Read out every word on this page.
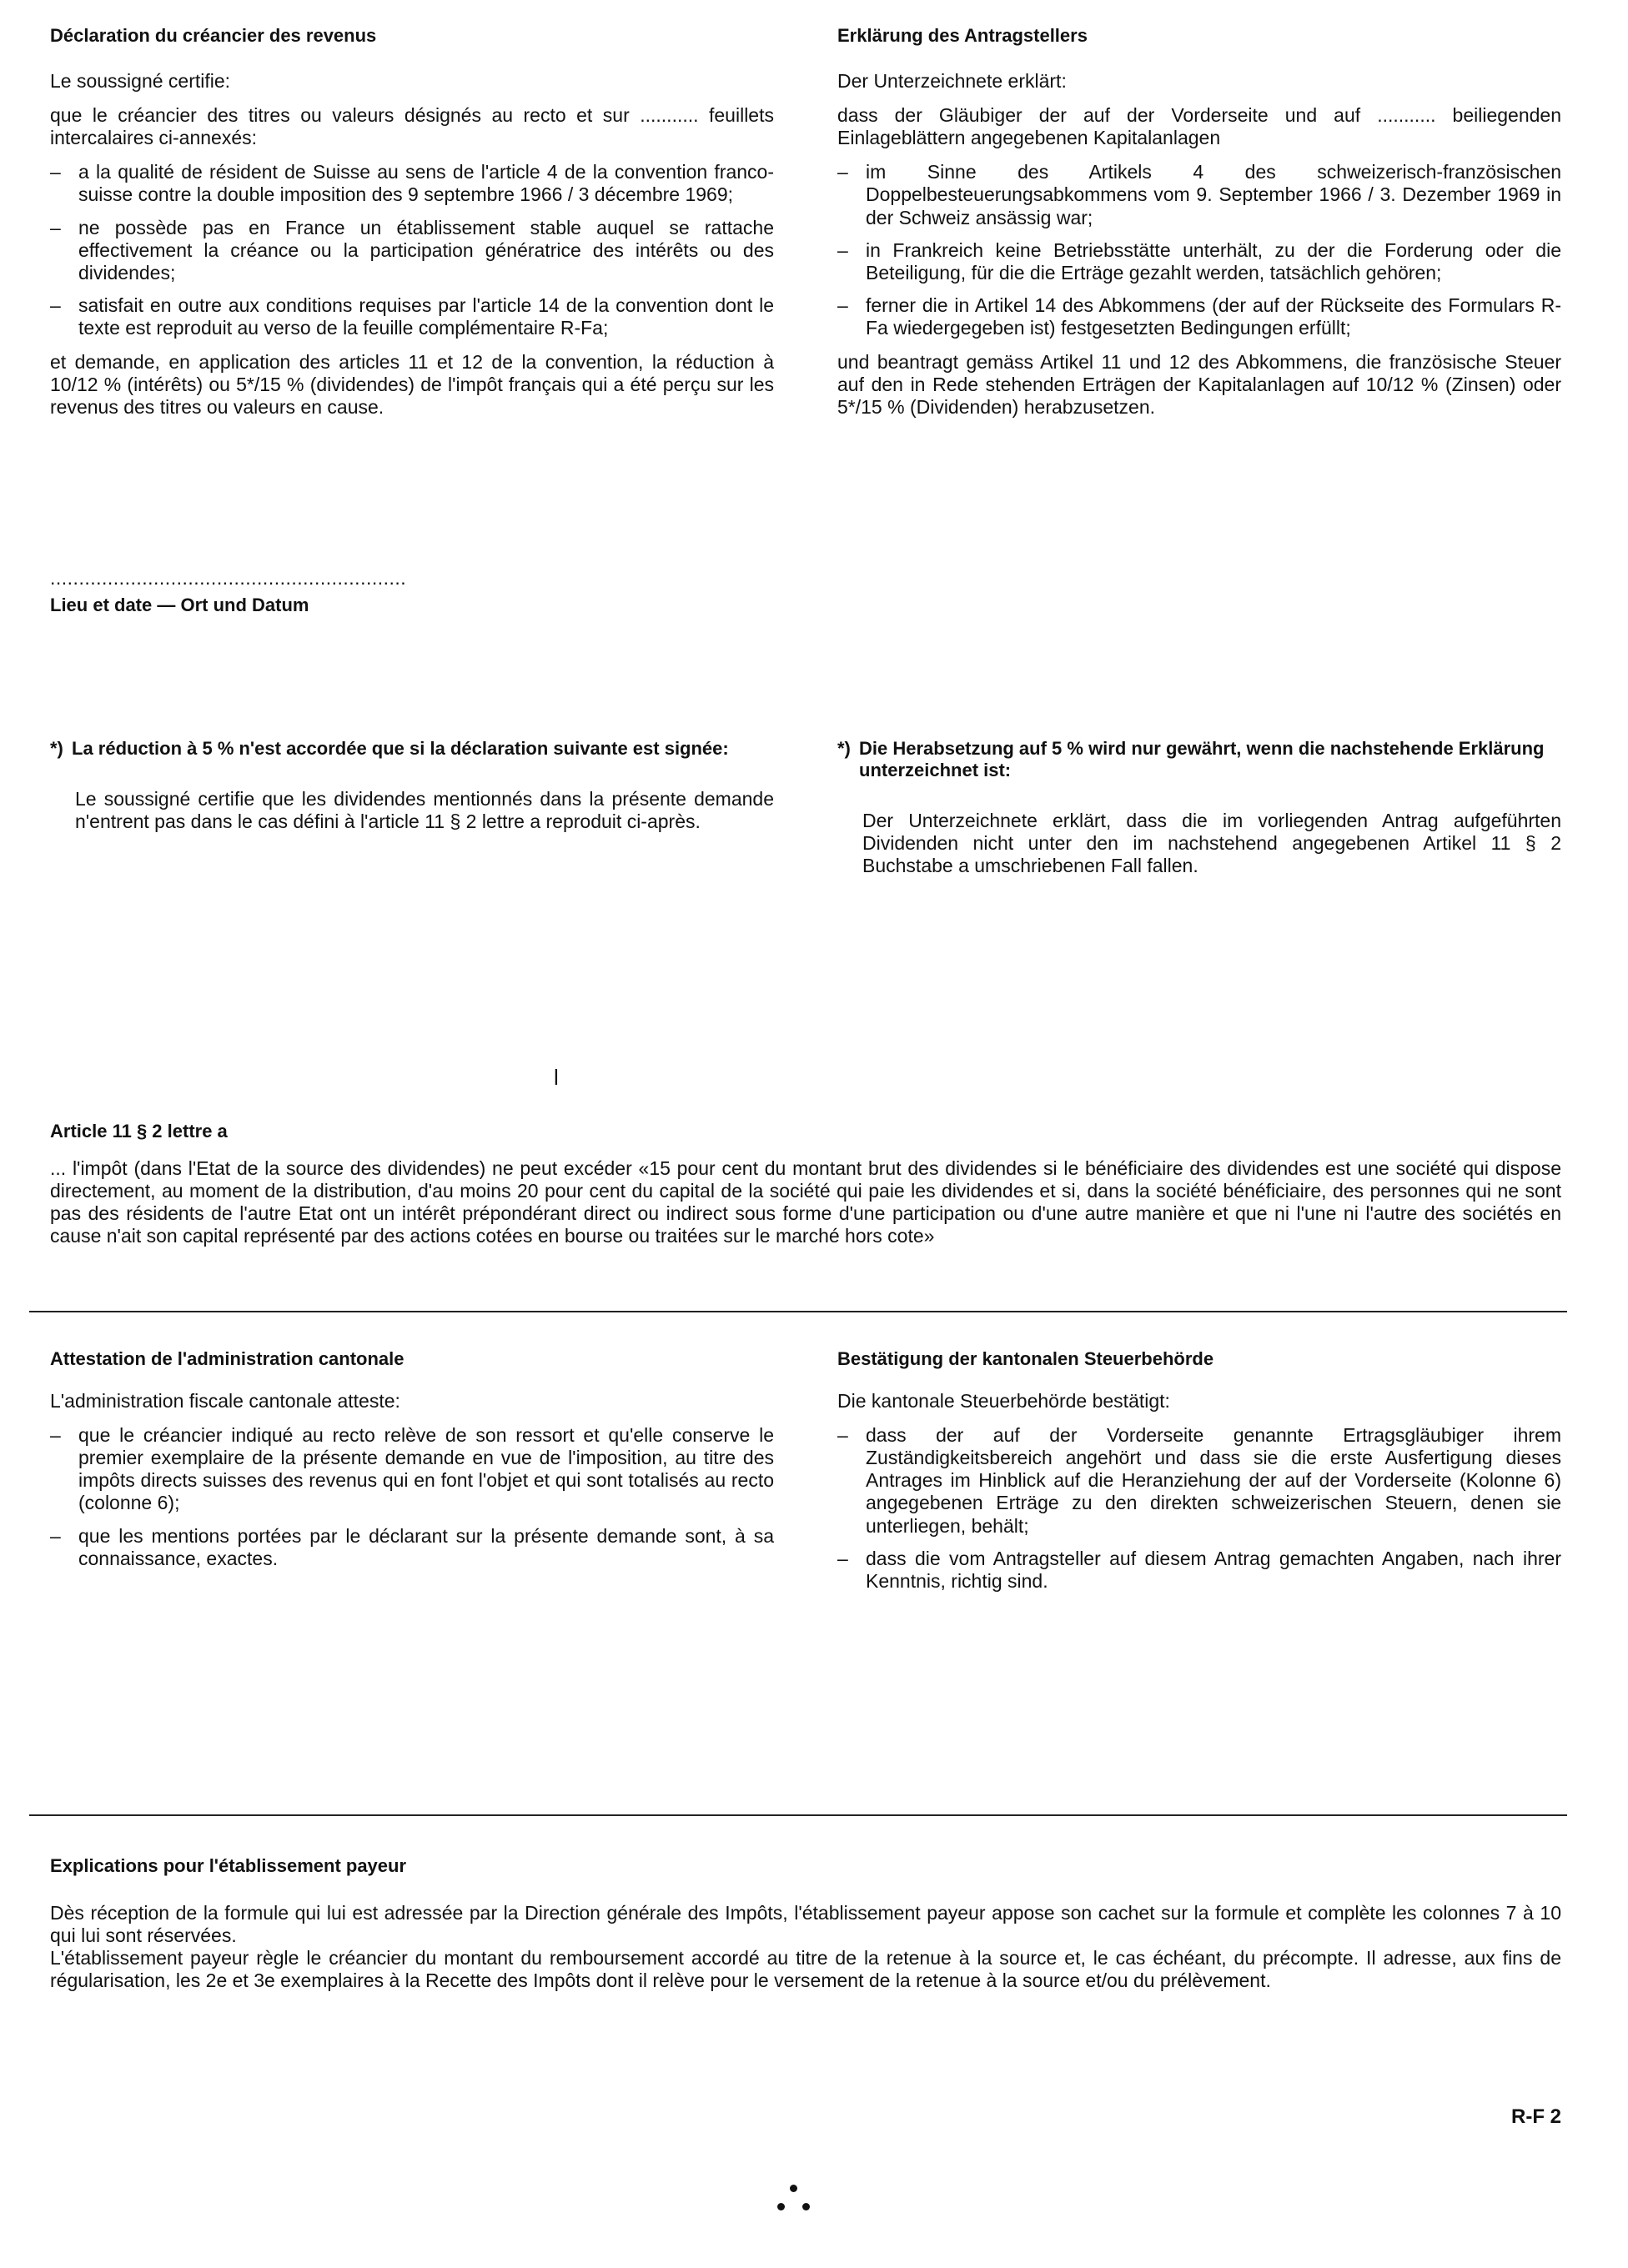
Déclaration du créancier des revenus

Le soussigné certifie:

que le créancier des titres ou valeurs désignés au recto et sur ........... feuillets intercalaires ci-annexés:

– a la qualité de résident de Suisse au sens de l'article 4 de la convention franco-suisse contre la double imposition des 9 septembre 1966 / 3 décembre 1969;
– ne possède pas en France un établissement stable auquel se rattache effectivement la créance ou la participation génératrice des intérêts ou des dividendes;
– satisfait en outre aux conditions requises par l'article 14 de la convention dont le texte est reproduit au verso de la feuille complémentaire R-Fa;

et demande, en application des articles 11 et 12 de la convention, la réduction à 10/12 % (intérêts) ou 5*/15 % (dividendes) de l'impôt français qui a été perçu sur les revenus des titres ou valeurs en cause.

Erklärung des Antragstellers

Der Unterzeichnete erklärt:

dass der Gläubiger der auf der Vorderseite und auf ........... beiliegenden Einlageblättern angegebenen Kapitalanlagen

– im Sinne des Artikels 4 des schweizerisch-französischen Doppelbesteuerungsabkommens vom 9. September 1966 / 3. Dezember 1969 in der Schweiz ansässig war;
– in Frankreich keine Betriebsstätte unterhält, zu der die Forderung oder die Beteiligung, für die die Erträge gezahlt werden, tatsächlich gehören;
– ferner die in Artikel 14 des Abkommens (der auf der Rückseite des Formulars R-Fa wiedergegeben ist) festgesetzten Bedingungen erfüllt;

und beantragt gemäss Artikel 11 und 12 des Abkommens, die französische Steuer auf den in Rede stehenden Erträgen der Kapitalanlagen auf 10/12 % (Zinsen) oder 5*/15 % (Dividenden) herabzusetzen.

..............................................................
Lieu et date — Ort und Datum
*) La réduction à 5 % n'est accordée que si la déclaration suivante est signée:

Le soussigné certifie que les dividendes mentionnés dans la présente demande n'entrent pas dans le cas défini à l'article 11 § 2 lettre a reproduit ci-après.

*) Die Herabsetzung auf 5 % wird nur gewährt, wenn die nachstehende Erklärung unterzeichnet ist:

Der Unterzeichnete erklärt, dass die im vorliegenden Antrag aufgeführten Dividenden nicht unter den im nachstehend angegebenen Artikel 11 § 2 Buchstabe a umschriebenen Fall fallen.

l
Article 11 § 2 lettre a

... l'impôt (dans l'Etat de la source des dividendes) ne peut excéder «15 pour cent du montant brut des dividendes si le bénéficiaire des dividendes est une société qui dispose directement, au moment de la distribution, d'au moins 20 pour cent du capital de la société qui paie les dividendes et si, dans la société bénéficiaire, des personnes qui ne sont pas des résidents de l'autre Etat ont un intérêt prépondérant direct ou indirect sous forme d'une participation ou d'une autre manière et que ni l'une ni l'autre des sociétés en cause n'ait son capital représenté par des actions cotées en bourse ou traitées sur le marché hors cote»

Attestation de l'administration cantonale

L'administration fiscale cantonale atteste:

– que le créancier indiqué au recto relève de son ressort et qu'elle conserve le premier exemplaire de la présente demande en vue de l'imposition, au titre des impôts directs suisses des revenus qui en font l'objet et qui sont totalisés au recto (colonne 6);
– que les mentions portées par le déclarant sur la présente demande sont, à sa connaissance, exactes.
Bestätigung der kantonalen Steuerbehörde

Die kantonale Steuerbehörde bestätigt:

– dass der auf der Vorderseite genannte Ertragsgläubiger ihrem Zuständigkeitsbereich angehört und dass sie die erste Ausfertigung dieses Antrages im Hinblick auf die Heranziehung der auf der Vorderseite (Kolonne 6) angegebenen Erträge zu den direkten schweizerischen Steuern, denen sie unterliegen, behält;
– dass die vom Antragsteller auf diesem Antrag gemachten Angaben, nach ihrer Kenntnis, richtig sind.
Explications pour l'établissement payeur

Dès réception de la formule qui lui est adressée par la Direction générale des Impôts, l'établissement payeur appose son cachet sur la formule et complète les colonnes 7 à 10 qui lui sont réservées.

L'établissement payeur règle le créancier du montant du remboursement accordé au titre de la retenue à la source et, le cas échéant, du précompte. Il adresse, aux fins de régularisation, les 2e et 3e exemplaires à la Recette des Impôts dont il relève pour le versement de la retenue à la source et/ou du prélèvement.

R-F 2
